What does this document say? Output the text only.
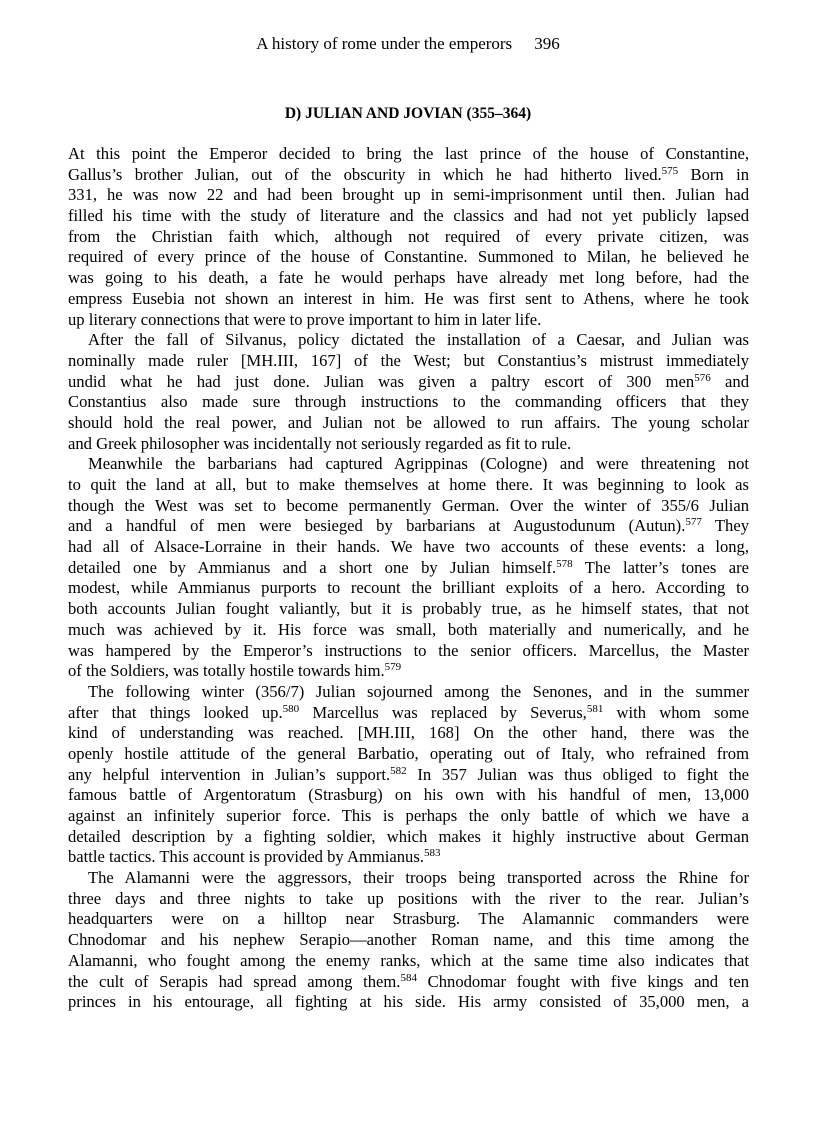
A history of rome under the emperors 396
D) JULIAN AND JOVIAN (355–364)
At this point the Emperor decided to bring the last prince of the house of Constantine,
Gallus’s brother Julian, out of the obscurity in which he had hitherto lived.$^{575}$ Born in
331, he was now 22 and had been brought up in semi-imprisonment until then. Julian had
filled his time with the study of literature and the classics and had not yet publicly lapsed
from the Christian faith which, although not required of every private citizen, was
required of every prince of the house of Constantine. Summoned to Milan, he believed he
was going to his death, a fate he would perhaps have already met long before, had the
empress Eusebia not shown an interest in him. He was first sent to Athens, where he took
up literary connections that were to prove important to him in later life.
After the fall of Silvanus, policy dictated the installation of a Caesar, and Julian was
nominally made ruler [MH.III, 167] of the West; but Constantius’s mistrust immediately
undid what he had just done. Julian was given a paltry escort of 300 men$^{576}$ and
Constantius also made sure through instructions to the commanding officers that they
should hold the real power, and Julian not be allowed to run affairs. The young scholar
and Greek philosopher was incidentally not seriously regarded as fit to rule.
Meanwhile the barbarians had captured Agrippinas (Cologne) and were threatening not
to quit the land at all, but to make themselves at home there. It was beginning to look as
though the West was set to become permanently German. Over the winter of 355/6 Julian
and a handful of men were besieged by barbarians at Augustodunum (Autun).$^{577}$ They
had all of Alsace-Lorraine in their hands. We have two accounts of these events: a long,
detailed one by Ammianus and a short one by Julian himself.$^{578}$ The latter’s tones are
modest, while Ammianus purports to recount the brilliant exploits of a hero. According to
both accounts Julian fought valiantly, but it is probably true, as he himself states, that not
much was achieved by it. His force was small, both materially and numerically, and he
was hampered by the Emperor’s instructions to the senior officers. Marcellus, the Master
of the Soldiers, was totally hostile towards him.$^{579}$
The following winter (356/7) Julian sojourned among the Senones, and in the summer
after that things looked up.$^{580}$ Marcellus was replaced by Severus,$^{581}$ with whom some
kind of understanding was reached. [MH.III, 168] On the other hand, there was the
openly hostile attitude of the general Barbatio, operating out of Italy, who refrained from
any helpful intervention in Julian’s support.$^{582}$ In 357 Julian was thus obliged to fight the
famous battle of Argentoratum (Strasburg) on his own with his handful of men, 13,000
against an infinitely superior force. This is perhaps the only battle of which we have a
detailed description by a fighting soldier, which makes it highly instructive about German
battle tactics. This account is provided by Ammianus.$^{583}$
The Alamanni were the aggressors, their troops being transported across the Rhine for
three days and three nights to take up positions with the river to the rear. Julian’s
headquarters were on a hilltop near Strasburg. The Alamannic commanders were
Chnodomar and his nephew Serapio—another Roman name, and this time among the
Alamanni, who fought among the enemy ranks, which at the same time also indicates that
the cult of Serapis had spread among them.$^{584}$ Chnodomar fought with five kings and ten
princes in his entourage, all fighting at his side. His army consisted of 35,000 men, a
